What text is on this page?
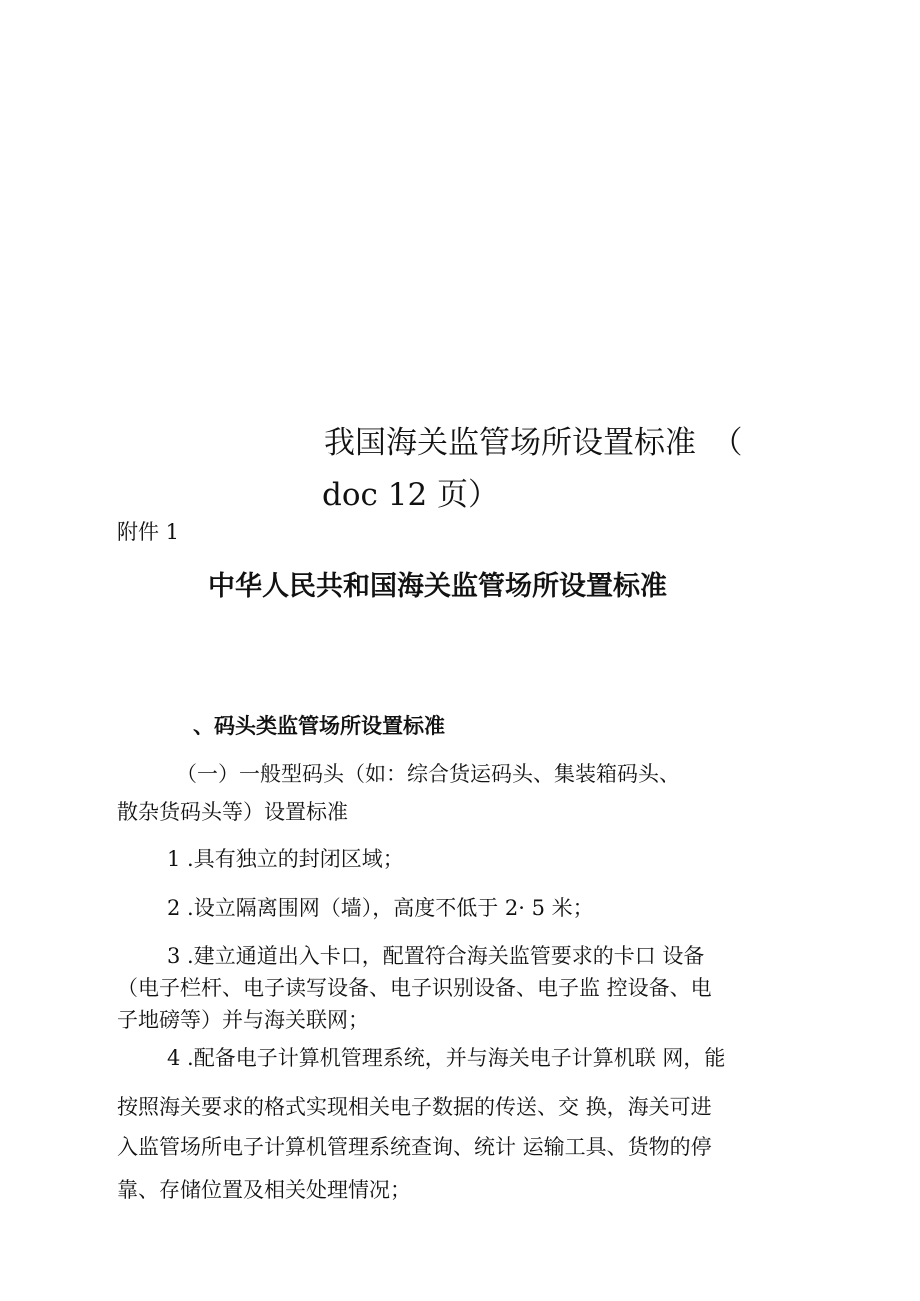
我国海关监管场所设置标准　（

doc 12 页）

附件 1

中华人民共和国海关监管场所设置标准
、码头类监管场所设置标准

（一）一般型码头（如：综合货运码头、集装箱码头、

散杂货码头等）设置标准

1 .具有独立的封闭区域；

2 .设立隔离围网（墙），高度不低于 2· 5 米；

3 .建立通道出入卡口，配置符合海关监管要求的卡口 设备

（电子栏杆、电子读写设备、电子识别设备、电子监 控设备、电

子地磅等）并与海关联网；

4 .配备电子计算机管理系统，并与海关电子计算机联 网，能

按照海关要求的格式实现相关电子数据的传送、交 换，海关可进

入监管场所电子计算机管理系统查询、统计 运输工具、货物的停

靠、存储位置及相关处理情况；
